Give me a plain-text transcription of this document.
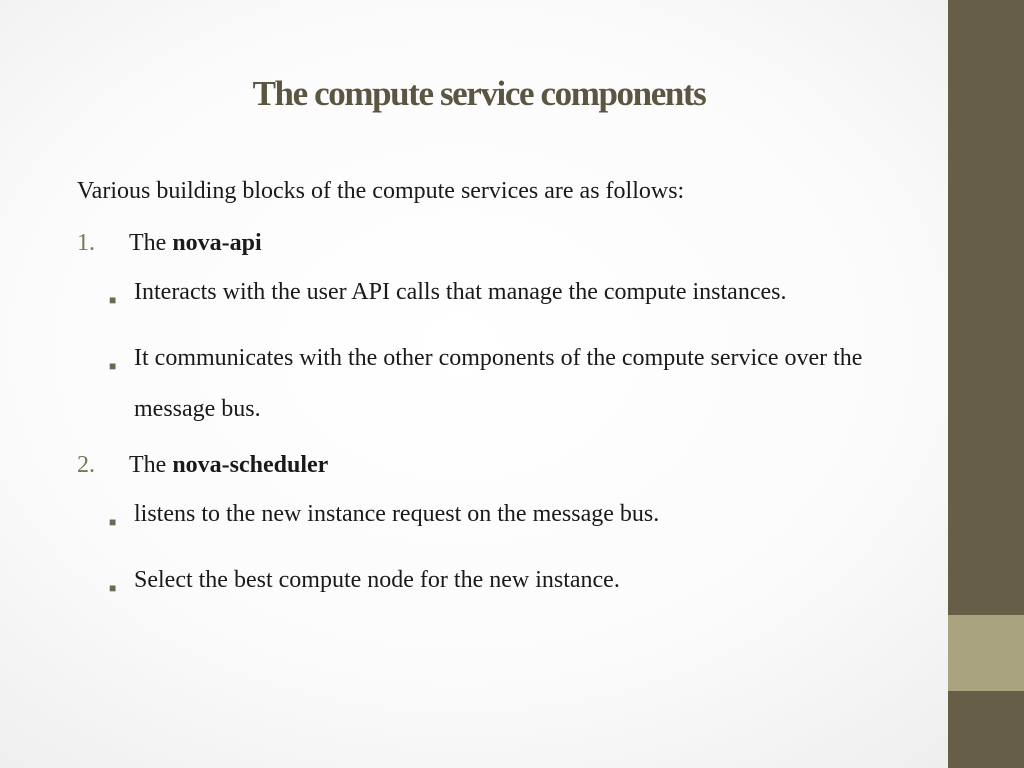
The compute service components

Various building blocks of the compute services are as follows:

1.	The nova-api
■ Interacts with the user API calls that manage the compute instances.
■ It communicates with the other components of the compute service over the message bus.
2.	The nova-scheduler
■ listens to the new instance request on the message bus.
■ Select the best compute node for the new instance.
